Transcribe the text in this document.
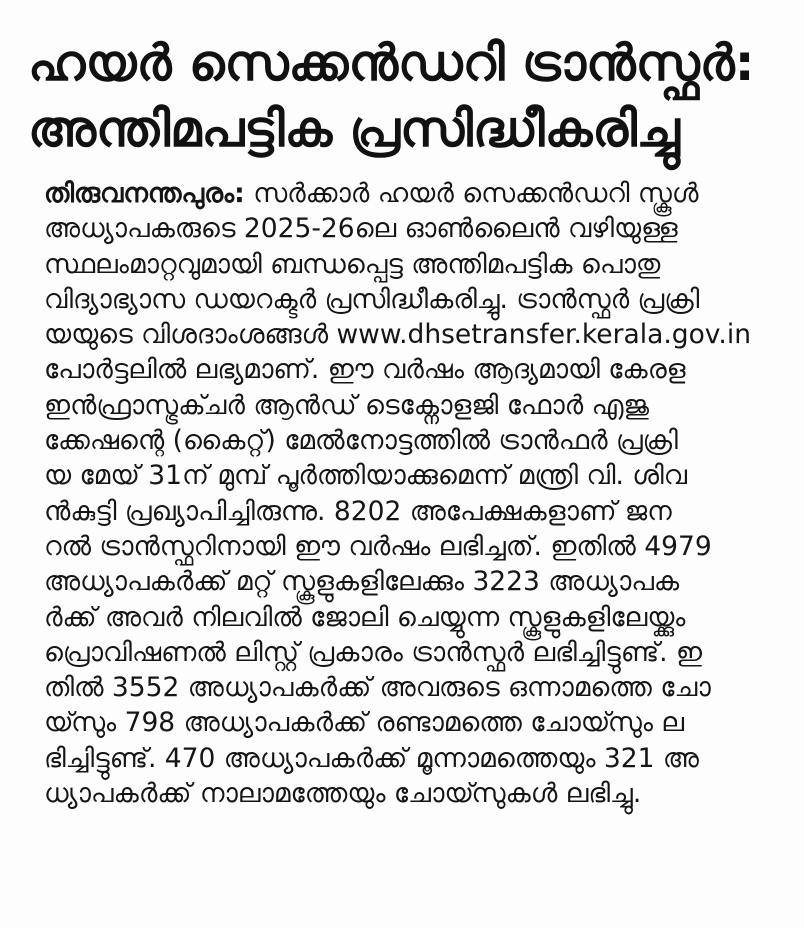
ഹയർ സെക്കൻഡറി ട്രാൻസ്ഫർ:
അന്തിമപട്ടിക പ്രസിദ്ധീകരിച്ചു
തിരുവനന്തപുരം: സർക്കാർ ഹയർ സെക്കൻഡറി സ്കൂൾ
അധ്യാപകരുടെ 2025-26ലെ ഓൺലൈൻ വഴിയുള്ള
സ്ഥലംമാറ്റവുമായി ബന്ധപ്പെട്ട അന്തിമപട്ടിക പൊതു
വിദ്യാഭ്യാസ ഡയറക്ടർ പ്രസിദ്ധീകരിച്ചു. ട്രാൻസ്ഫർ പ്രക്രി
യയുടെ വിശദാംശങ്ങൾ www.dhsetransfer.kerala.gov.in
പോർട്ടലിൽ ലഭ്യമാണ്. ഈ വർഷം ആദ്യമായി കേരള
ഇൻഫ്രാസ്ട്രക്ചർ ആൻഡ് ടെക്നോളജി ഫോർ എജു
ക്കേഷന്റെ (കൈറ്റ്) മേൽനോട്ടത്തിൽ ട്രാൻഫർ പ്രക്രി
യ മേയ് 31ന് മുമ്പ് പൂർത്തിയാക്കുമെന്ന് മന്ത്രി വി. ശിവ
ൻകുട്ടി പ്രഖ്യാപിച്ചിരുന്നു. 8202 അപേക്ഷകളാണ് ജന
റൽ ട്രാൻസ്ഫറിനായി ഈ വർഷം ലഭിച്ചത്. ഇതിൽ 4979
അധ്യാപകർക്ക് മറ്റ് സ്കൂളുകളിലേക്കും 3223 അധ്യാപക
ർക്ക് അവർ നിലവിൽ ജോലി ചെയ്യുന്ന സ്കൂളുകളിലേയ്ക്കും
പ്രൊവിഷണൽ ലിസ്റ്റ് പ്രകാരം ട്രാൻസ്ഫർ ലഭിച്ചിട്ടുണ്ട്. ഇ
തിൽ 3552 അധ്യാപകർക്ക് അവരുടെ ഒന്നാമത്തെ ചോ
യ്സും 798 അധ്യാപകർക്ക് രണ്ടാമത്തെ ചോയ്സും ല
ഭിച്ചിട്ടുണ്ട്. 470 അധ്യാപകർക്ക് മൂന്നാമത്തെയും 321 അ
ധ്യാപകർക്ക് നാലാമത്തേയും ചോയ്സുകൾ ലഭിച്ചു.
